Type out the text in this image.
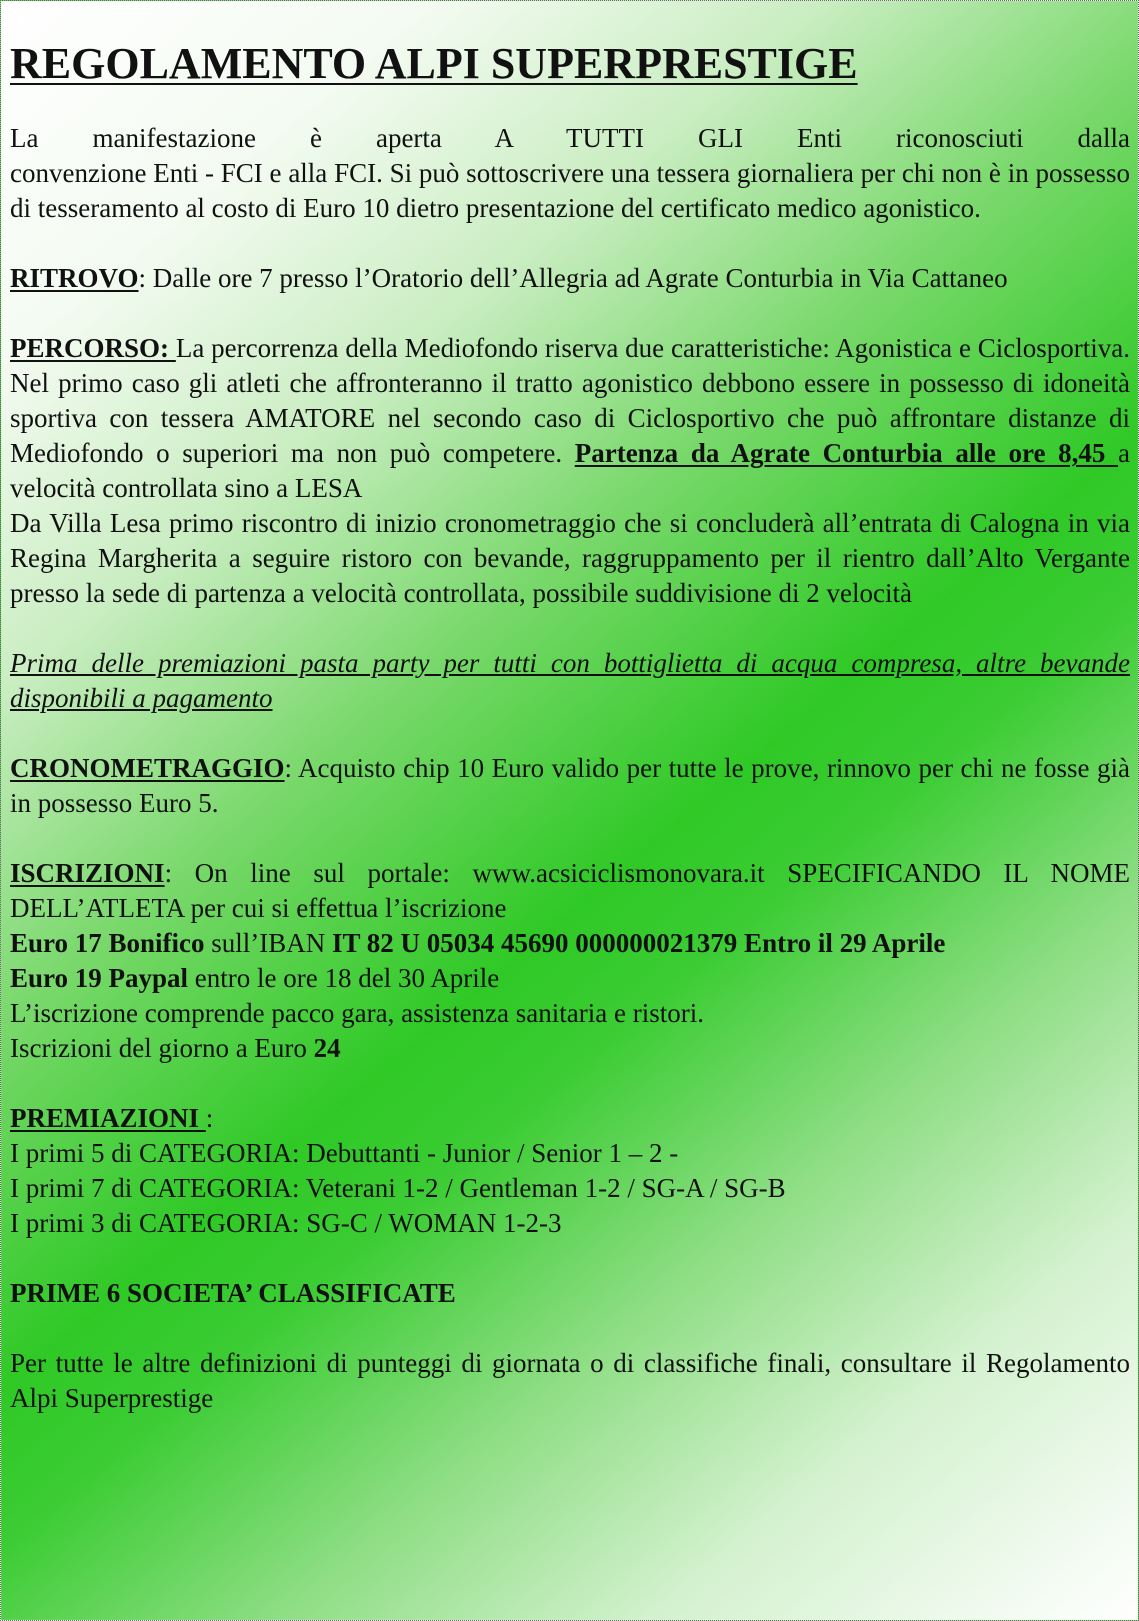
REGOLAMENTO ALPI SUPERPRESTIGE

La manifestazione è aperta A TUTTI GLI Enti riconosciuti dalla

convenzione Enti - FCI e alla FCI. Si può sottoscrivere una tessera giornaliera per chi non è in possesso di tesseramento al costo di Euro 10 dietro presentazione del certificato medico agonistico.

RITROVO: Dalle ore 7 presso l’Oratorio dell’Allegria ad Agrate Conturbia in Via Cattaneo

PERCORSO: La percorrenza della Mediofondo riserva due caratteristiche: Agonistica e Ciclosportiva. Nel primo caso gli atleti che affronteranno il tratto agonistico debbono essere in possesso di idoneità sportiva con tessera AMATORE nel secondo caso di Ciclosportivo che può affrontare distanze di Mediofondo o superiori ma non può competere. Partenza da Agrate Conturbia alle ore 8,45 a velocità controllata sino a LESA

Da Villa Lesa primo riscontro di inizio cronometraggio che si concluderà all’entrata di Calogna in via Regina Margherita a seguire ristoro con bevande, raggruppamento per il rientro dall’Alto Vergante presso la sede di partenza a velocità controllata, possibile suddivisione di 2 velocità

Prima delle premiazioni pasta party per tutti con bottiglietta di acqua compresa, altre bevande disponibili a pagamento

CRONOMETRAGGIO: Acquisto chip 10 Euro valido per tutte le prove, rinnovo per chi ne fosse già in possesso Euro 5.

ISCRIZIONI: On line sul portale: www.acsiciclismonovara.it SPECIFICANDO IL NOME DELL’ATLETA per cui si effettua l’iscrizione

Euro 17 Bonifico sull’IBAN IT 82 U 05034 45690 000000021379 Entro il 29 Aprile

Euro 19 Paypal entro le ore 18 del 30 Aprile

L’iscrizione comprende pacco gara, assistenza sanitaria e ristori.

Iscrizioni del giorno a Euro 24

PREMIAZIONI :

I primi 5 di CATEGORIA: Debuttanti - Junior / Senior 1 – 2 -

I primi 7 di CATEGORIA: Veterani 1-2 / Gentleman 1-2 / SG-A / SG-B

I primi 3 di CATEGORIA: SG-C / WOMAN 1-2-3

PRIME 6 SOCIETA’ CLASSIFICATE

Per tutte le altre definizioni di punteggi di giornata o di classifiche finali, consultare il Regolamento Alpi Superprestige
